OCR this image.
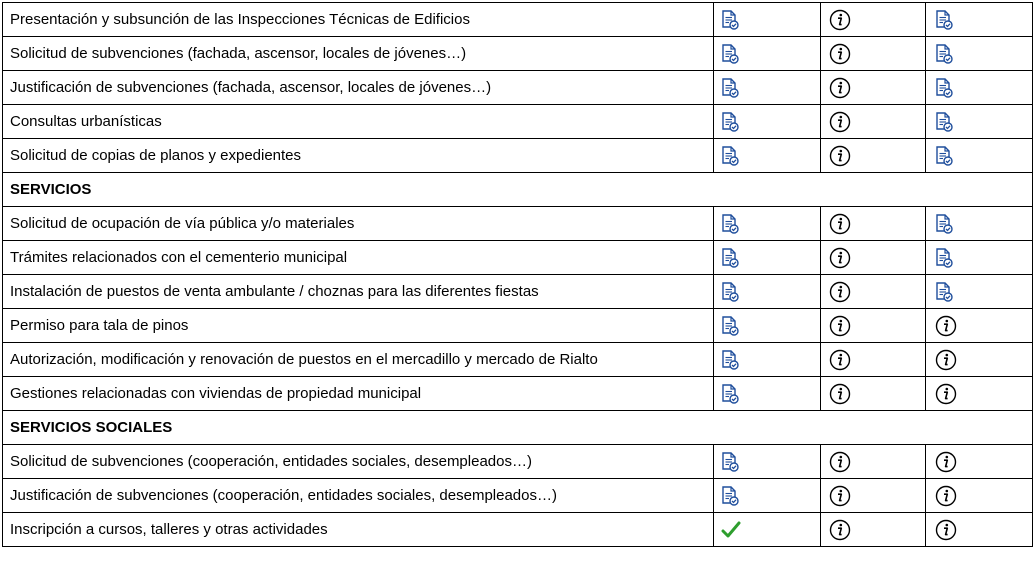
Presentación y subsunción de las Inspecciones Técnicas de Edificios	

Solicitud de subvenciones (fachada, ascensor, locales de jóvenes…)	

Justificación de subvenciones (fachada, ascensor, locales de jóvenes…)	

Consultas urbanísticas	

Solicitud de copias de planos y expedientes	

SERVICIOS			
Solicitud de ocupación de vía pública y/o materiales	

Trámites relacionados con el cementerio municipal	

Instalación de puestos de venta ambulante / choznas para las diferentes fiestas	

Permiso para tala de pinos	

Autorización, modificación y renovación de puestos en el mercadillo y mercado de Rialto	

Gestiones relacionadas con viviendas de propiedad municipal	

SERVICIOS SOCIALES			
Solicitud de subvenciones (cooperación, entidades sociales, desempleados…)	

Justificación de subvenciones (cooperación, entidades sociales, desempleados…)	

Inscripción a cursos, talleres y otras actividades	
